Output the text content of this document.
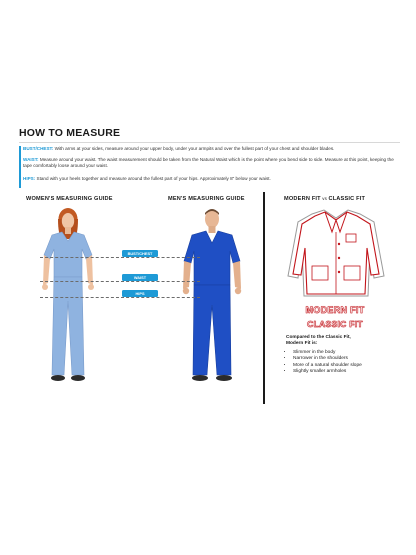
HOW TO MEASURE
BUST/CHEST: With arms at your sides, measure around your upper body, under your armpits and over the fullest part of your chest and shoulder blades.
WAIST: Measure around your waist. The waist measurement should be taken from the Natural Waist which is the point where you bend side to side. Measure at this point, keeping the tape comfortably loose around your waist.
HIPS: Stand with your heels together and measure around the fullest part of your hips. Approximately 8" below your waist.
WOMEN'S MEASURING GUIDE	MEN'S MEASURING GUIDE	MODERN FIT vs CLASSIC FIT
BUST/CHEST
WAIST
HIPS
MODERN FIT
CLASSIC FIT
Compared to the Classic Fit, Modern Fit is:
• Slimmer in the body
• Narrower in the shoulders
• More of a natural shoulder slope
• Slightly smaller armholes
